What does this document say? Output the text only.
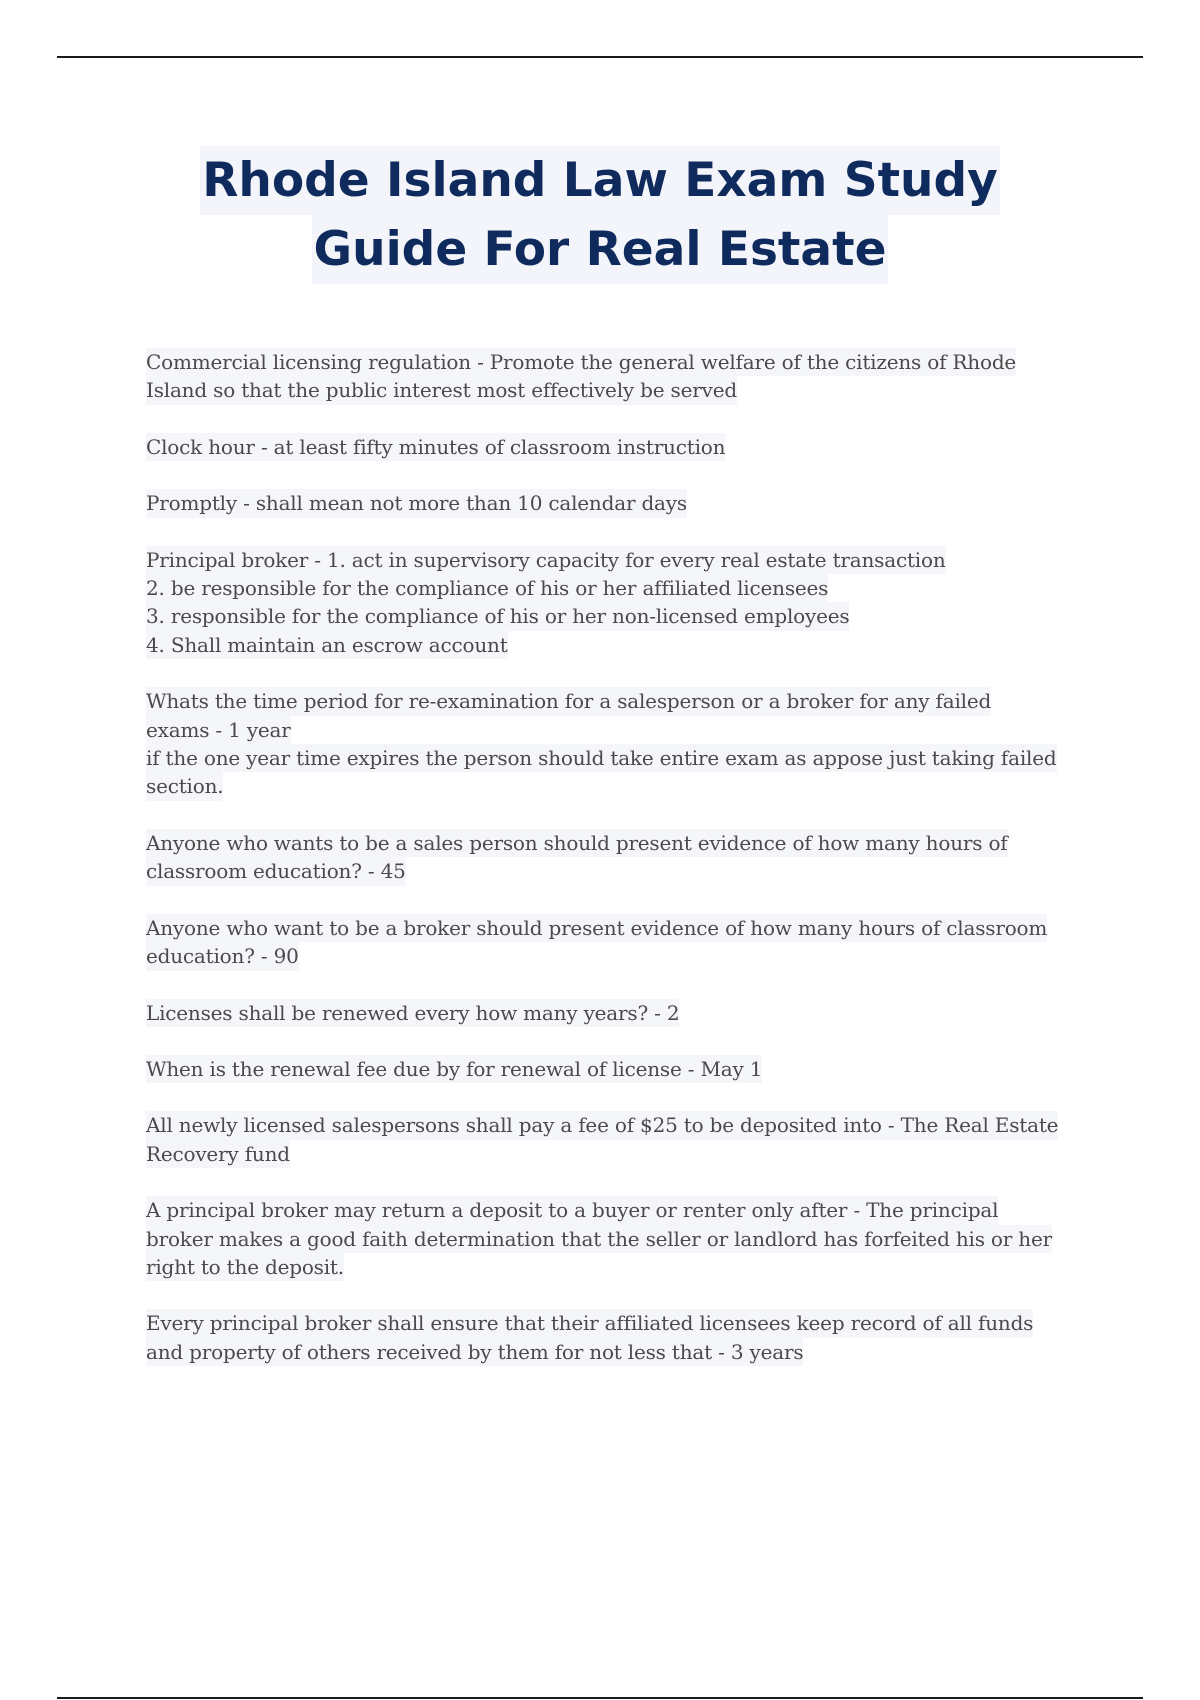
Rhode Island Law Exam Study
Guide For Real Estate
Commercial licensing regulation - Promote the general welfare of the citizens of Rhode
Island so that the public interest most effectively be served
Clock hour - at least fifty minutes of classroom instruction
Promptly - shall mean not more than 10 calendar days
Principal broker - 1. act in supervisory capacity for every real estate transaction
2. be responsible for the compliance of his or her affiliated licensees
3. responsible for the compliance of his or her non-licensed employees
4. Shall maintain an escrow account
Whats the time period for re-examination for a salesperson or a broker for any failed
exams - 1 year
if the one year time expires the person should take entire exam as appose just taking failed
section.
Anyone who wants to be a sales person should present evidence of how many hours of
classroom education? - 45
Anyone who want to be a broker should present evidence of how many hours of classroom
education? - 90
Licenses shall be renewed every how many years? - 2
When is the renewal fee due by for renewal of license - May 1
All newly licensed salespersons shall pay a fee of $25 to be deposited into - The Real Estate
Recovery fund
A principal broker may return a deposit to a buyer or renter only after - The principal
broker makes a good faith determination that the seller or landlord has forfeited his or her
right to the deposit.
Every principal broker shall ensure that their affiliated licensees keep record of all funds
and property of others received by them for not less that - 3 years
